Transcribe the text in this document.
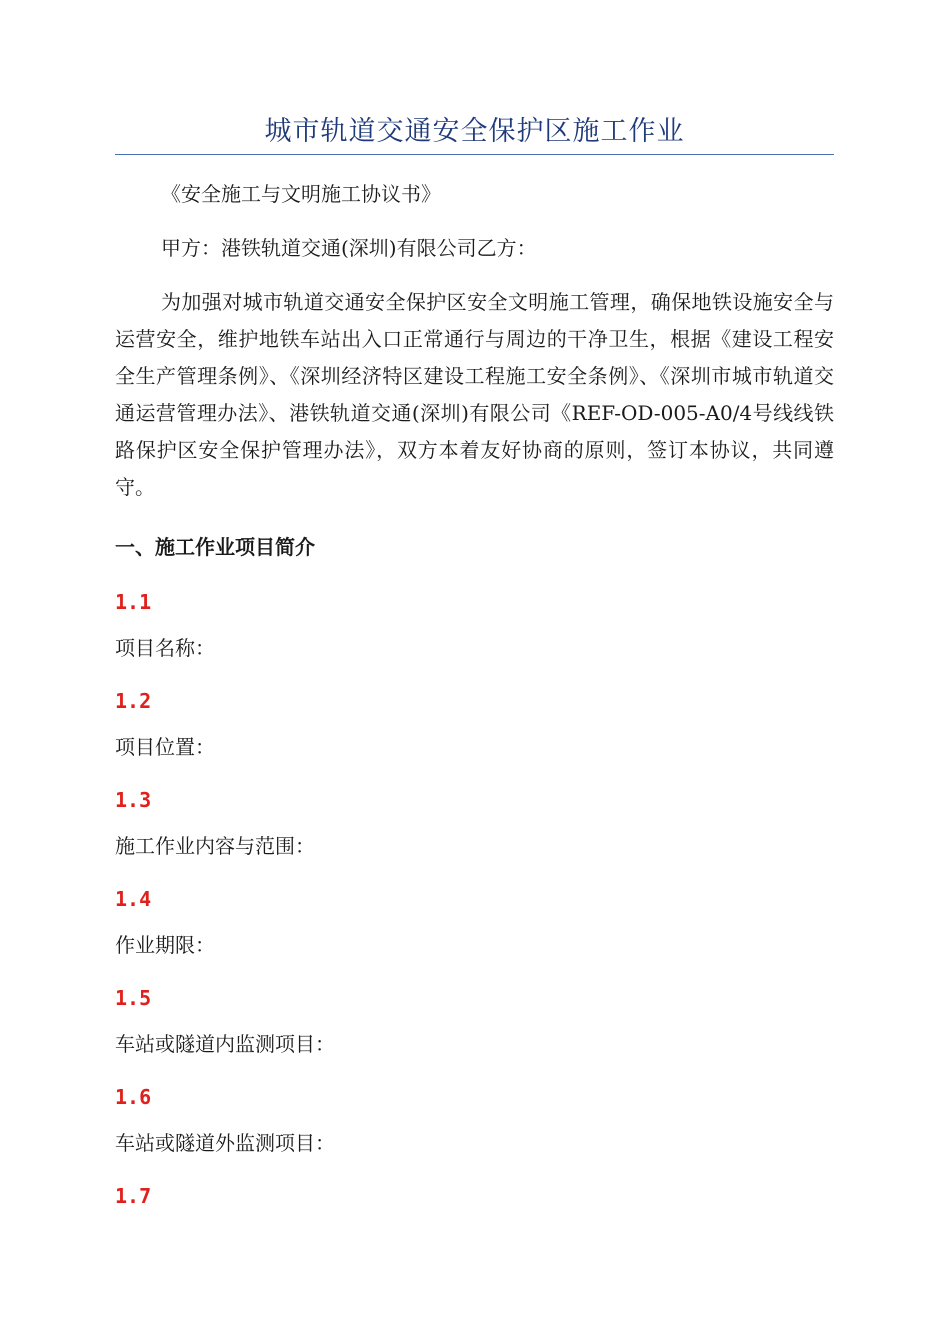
城市轨道交通安全保护区施工作业

《安全施工与文明施工协议书》

甲方：港铁轨道交通(深圳)有限公司乙方：

为加强对城市轨道交通安全保护区安全文明施工管理，确保地铁设施安全与运营安全，维护地铁车站出入口正常通行与周边的干净卫生，根据《建设工程安全生产管理条例》、《深圳经济特区建设工程施工安全条例》、《深圳市城市轨道交通运营管理办法》、港铁轨道交通(深圳)有限公司《REF-OD-005-A0/4号线线铁路保护区安全保护管理办法》，双方本着友好协商的原则，签订本协议，共同遵守。

一、施工作业项目简介
1.1
项目名称：
1.2
项目位置：
1.3
施工作业内容与范围：
1.4
作业期限：
1.5
车站或隧道内监测项目：
1.6
车站或隧道外监测项目：
1.7
